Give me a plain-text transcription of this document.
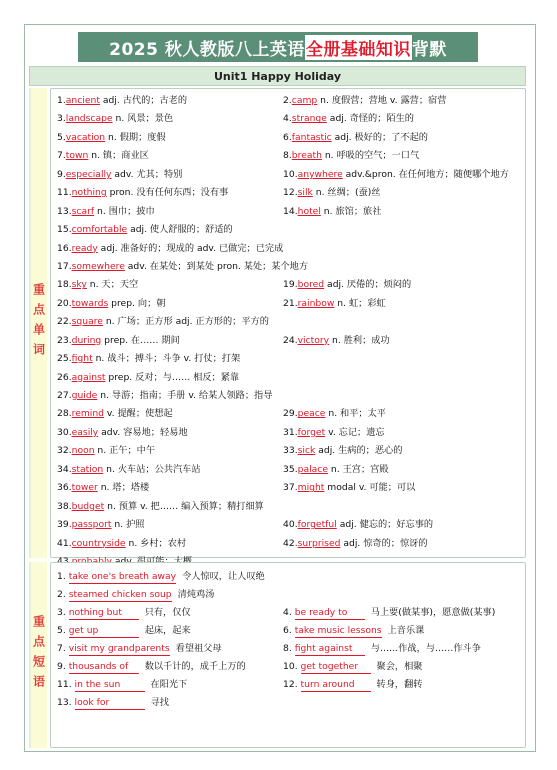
2025 秋人教版八上英语 全册基础知识 背默
Unit1 Happy Holiday
重点单词
1.ancient adj. 古代的；古老的	2.camp n. 度假营；营地 v. 露营；宿营
3.landscape n. 风景；景色	4.strange adj. 奇怪的；陌生的
5.vacation n. 假期；度假	6.fantastic adj. 极好的；了不起的
7.town n. 镇；商业区	8.breath n. 呼吸的空气；一口气
9.especially adv. 尤其；特别	10.anywhere adv.&pron. 在任何地方；随便哪个地方
11.nothing pron. 没有任何东西；没有事	12.silk n. 丝绸；(蚕)丝
13.scarf n. 围巾；披巾	14.hotel n. 旅馆；旅社
15.comfortable adj. 使人舒服的；舒适的
16.ready adj. 准备好的；现成的 adv. 已做完；已完成
17.somewhere adv. 在某处；到某处 pron. 某处；某个地方
18.sky n. 天；天空	19.bored adj. 厌倦的；烦闷的
20.towards prep. 向；朝	21.rainbow n. 虹；彩虹
22.square n. 广场；正方形 adj. 正方形的；平方的
23.during prep. 在…… 期间	24.victory n. 胜利；成功
25.fight n. 战斗；搏斗；斗争 v. 打仗；打架
26.against prep. 反对；与…… 相反；紧靠
27.guide n. 导游；指南；手册 v. 给某人领路；指导
28.remind v. 提醒；使想起	29.peace n. 和平；太平
30.easily adv. 容易地；轻易地	31.forget v. 忘记；遗忘
32.noon n. 正午；中午	33.sick adj. 生病的；恶心的
34.station n. 火车站；公共汽车站	35.palace n. 王宫；宫殿
36.tower n. 塔；塔楼	37.might modal v. 可能；可以
38.budget n. 预算 v. 把…… 编入预算；精打细算
39.passport n. 护照	40.forgetful adj. 健忘的；好忘事的
41.countryside n. 乡村；农村	42.surprised adj. 惊奇的；惊讶的
重点短语
1. take one's breath away 令人惊叹，让人叹绝
2. steamed chicken soup 清炖鸡汤
3. nothing but 只有，仅仅	4. be ready to	马上要(做某事)，愿意做(某事)
5. get up	起床，起来	6. take music lessons 上音乐课
7. visit my grandparents 看望祖父母	8. fight against 与……作战，与……作斗争
9. thousands of 数以千计的，成千上万的	10. get together 聚会，相聚
11. in the sun	在阳光下	12. turn around 转身，翻转
13. look for	寻找
